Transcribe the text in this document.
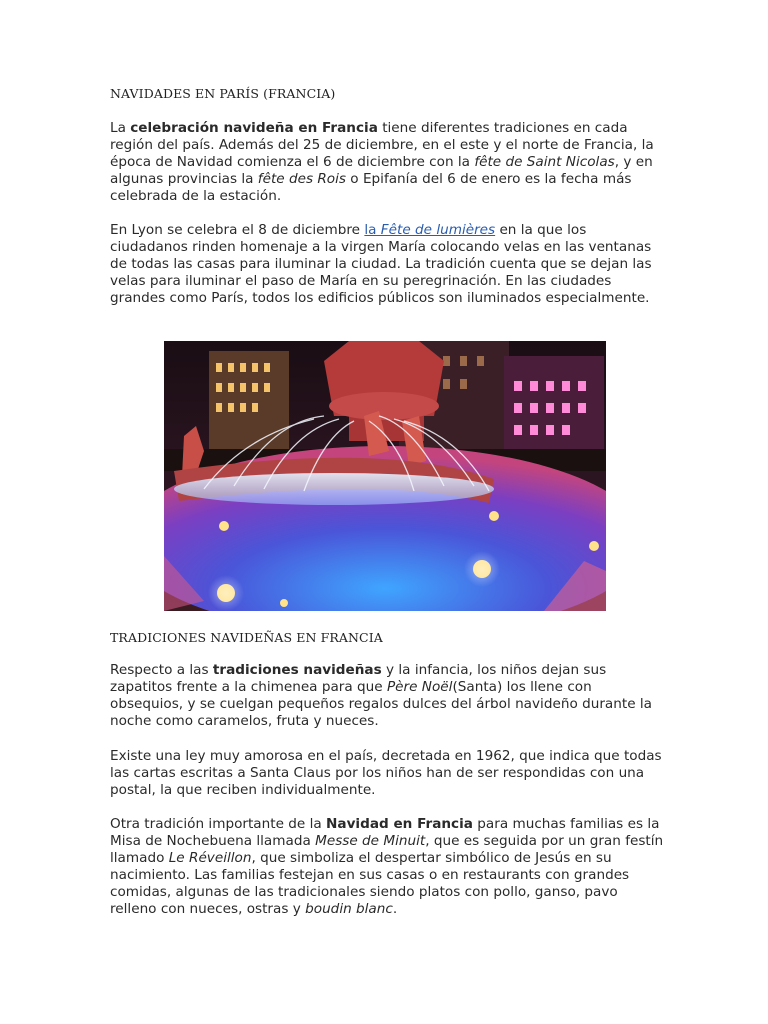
NAVIDADES EN PARÍS (FRANCIA)

La celebración navideña en Francia tiene diferentes tradiciones en cada región del país. Además del 25 de diciembre, en el este y el norte de Francia, la época de Navidad comienza el 6 de diciembre con la fête de Saint Nicolas, y en algunas provincias la fête des Rois o Epifanía del 6 de enero es la fecha más celebrada de la estación.

En Lyon se celebra el 8 de diciembre la Fête de lumières en la que los ciudadanos rinden homenaje a la virgen María colocando velas en las ventanas de todas las casas para iluminar la ciudad. La tradición cuenta que se dejan las velas para iluminar el paso de María en su peregrinación. En las ciudades grandes como París, todos los edificios públicos son iluminados especialmente.

TRADICIONES NAVIDEÑAS EN FRANCIA

Respecto a las tradiciones navideñas y la infancia, los niños dejan sus zapatitos frente a la chimenea para que Père Noël(Santa) los llene con obsequios, y se cuelgan pequeños regalos dulces del árbol navideño durante la noche como caramelos, fruta y nueces.

Existe una ley muy amorosa en el país, decretada en 1962, que indica que todas las cartas escritas a Santa Claus por los niños han de ser respondidas con una postal, la que reciben individualmente.

Otra tradición importante de la Navidad en Francia para muchas familias es la Misa de Nochebuena llamada Messe de Minuit, que es seguida por un gran festín llamado Le Réveillon, que simboliza el despertar simbólico de Jesús en su nacimiento. Las familias festejan en sus casas o en restaurants con grandes comidas, algunas de las tradicionales siendo platos con pollo, ganso, pavo relleno con nueces, ostras y boudin blanc.
